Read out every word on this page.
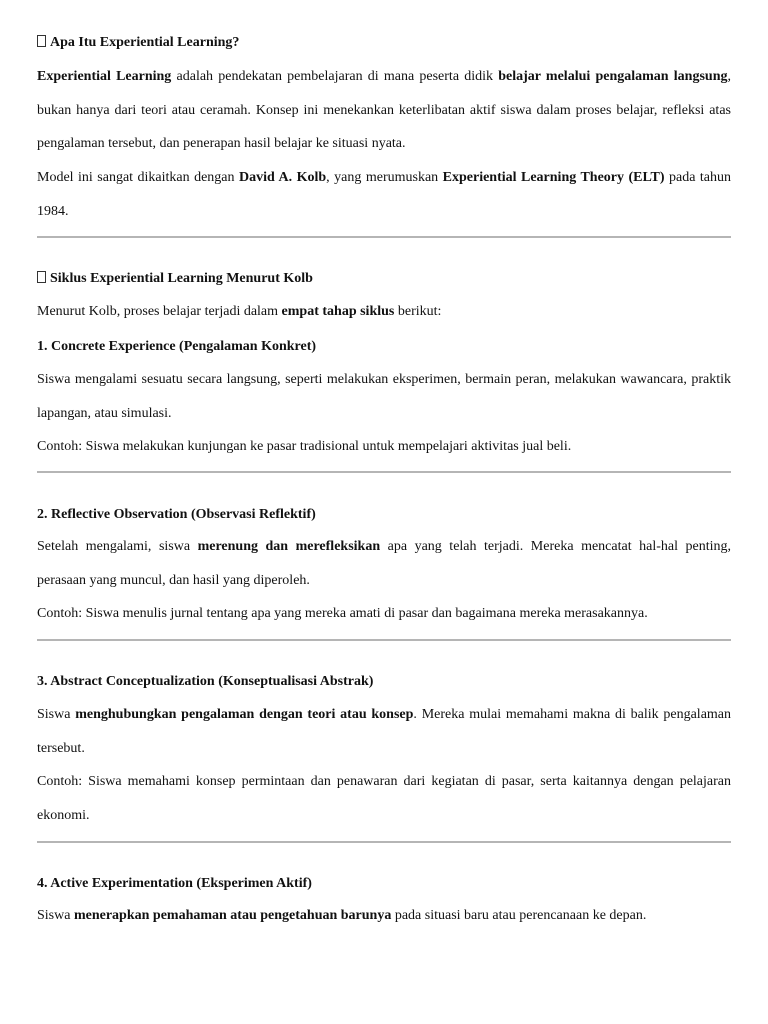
Apa Itu Experiential Learning?
Experiential Learning adalah pendekatan pembelajaran di mana peserta didik belajar melalui pengalaman langsung, bukan hanya dari teori atau ceramah. Konsep ini menekankan keterlibatan aktif siswa dalam proses belajar, refleksi atas pengalaman tersebut, dan penerapan hasil belajar ke situasi nyata.
Model ini sangat dikaitkan dengan David A. Kolb, yang merumuskan Experiential Learning Theory (ELT) pada tahun 1984.
Siklus Experiential Learning Menurut Kolb
Menurut Kolb, proses belajar terjadi dalam empat tahap siklus berikut:
1. Concrete Experience (Pengalaman Konkret)
Siswa mengalami sesuatu secara langsung, seperti melakukan eksperimen, bermain peran, melakukan wawancara, praktik lapangan, atau simulasi.
Contoh: Siswa melakukan kunjungan ke pasar tradisional untuk mempelajari aktivitas jual beli.
2. Reflective Observation (Observasi Reflektif)
Setelah mengalami, siswa merenung dan merefleksikan apa yang telah terjadi. Mereka mencatat hal-hal penting, perasaan yang muncul, dan hasil yang diperoleh.
Contoh: Siswa menulis jurnal tentang apa yang mereka amati di pasar dan bagaimana mereka merasakannya.
3. Abstract Conceptualization (Konseptualisasi Abstrak)
Siswa menghubungkan pengalaman dengan teori atau konsep. Mereka mulai memahami makna di balik pengalaman tersebut.
Contoh: Siswa memahami konsep permintaan dan penawaran dari kegiatan di pasar, serta kaitannya dengan pelajaran ekonomi.
4. Active Experimentation (Eksperimen Aktif)
Siswa menerapkan pemahaman atau pengetahuan barunya pada situasi baru atau perencanaan ke depan.
